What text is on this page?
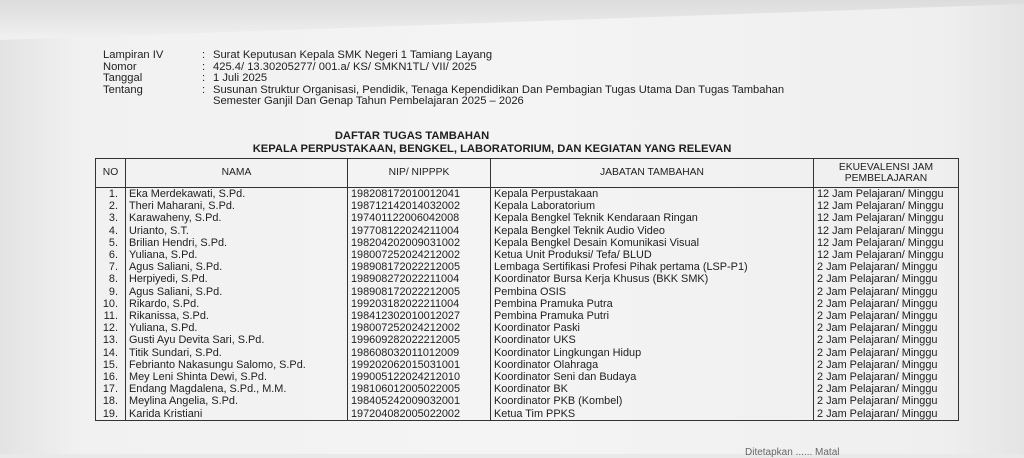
Lampiran IV	: Surat Keputusan Kepala SMK Negeri 1 Tamiang Layang
Nomor	: 425.4/ 13.30205277/ 001.a/ KS/ SMKN1TL/ VII/ 2025
Tanggal	: 1 Juli 2025
Tentang	: Susunan Struktur Organisasi, Pendidik, Tenaga Kependidikan Dan Pembagian Tugas Utama Dan Tugas Tambahan
Semester Ganjil Dan Genap Tahun Pembelajaran 2025 – 2026
DAFTAR TUGAS TAMBAHAN
KEPALA PERPUSTAKAAN, BENGKEL, LABORATORIUM, DAN KEGIATAN YANG RELEVAN
NO	NAMA	NIP/ NIPPPK	JABATAN TAMBAHAN	EKUEVALENSI JAM
PEMBELAJARAN
1.	Eka Merdekawati, S.Pd.	198208172010012041	Kepala Perpustakaan	12 Jam Pelajaran/ Minggu
2.	Theri Maharani, S.Pd.	198712142014032002	Kepala Laboratorium	12 Jam Pelajaran/ Minggu
3.	Karawaheny, S.Pd.	197401122006042008	Kepala Bengkel Teknik Kendaraan Ringan	12 Jam Pelajaran/ Minggu
4.	Urianto, S.T.	197708122024211004	Kepala Bengkel Teknik Audio Video	12 Jam Pelajaran/ Minggu
5.	Brilian Hendri, S.Pd.	198204202009031002	Kepala Bengkel Desain Komunikasi Visual	12 Jam Pelajaran/ Minggu
6.	Yuliana, S.Pd.	198007252024212002	Ketua Unit Produksi/ Tefa/ BLUD	12 Jam Pelajaran/ Minggu
7.	Agus Saliani, S.Pd.	198908172022212005	Lembaga Sertifikasi Profesi Pihak pertama (LSP-P1)	2 Jam Pelajaran/ Minggu
8.	Herpiyedi, S.Pd.	198908272022211004	Koordinator Bursa Kerja Khusus (BKK SMK)	2 Jam Pelajaran/ Minggu
9.	Agus Saliani, S.Pd.	198908172022212005	Pembina OSIS	2 Jam Pelajaran/ Minggu
10.	Rikardo, S.Pd.	199203182022211004	Pembina Pramuka Putra	2 Jam Pelajaran/ Minggu
11.	Rikanissa, S.Pd.	198412302010012027	Pembina Pramuka Putri	2 Jam Pelajaran/ Minggu
12.	Yuliana, S.Pd.	198007252024212002	Koordinator Paski	2 Jam Pelajaran/ Minggu
13.	Gusti Ayu Devita Sari, S.Pd.	199609282022212005	Koordinator UKS	2 Jam Pelajaran/ Minggu
14.	Titik Sundari, S.Pd.	198608032011012009	Koordinator Lingkungan Hidup	2 Jam Pelajaran/ Minggu
15.	Febrianto Nakasungu Salomo, S.Pd.	199202062015031001	Koordinator Olahraga	2 Jam Pelajaran/ Minggu
16.	Mey Leni Shinta Dewi, S.Pd.	199005122024212010	Koordinator Seni dan Budaya	2 Jam Pelajaran/ Minggu
17.	Endang Magdalena, S.Pd., M.M.	198106012005022005	Koordinator BK	2 Jam Pelajaran/ Minggu
18.	Meylina Angelia, S.Pd.	198405242009032001	Koordinator PKB (Kombel)	2 Jam Pelajaran/ Minggu
19.	Karida Kristiani	197204082005022002	Ketua Tim PPKS	2 Jam Pelajaran/ Minggu
Ditetapkan ...... Matal
